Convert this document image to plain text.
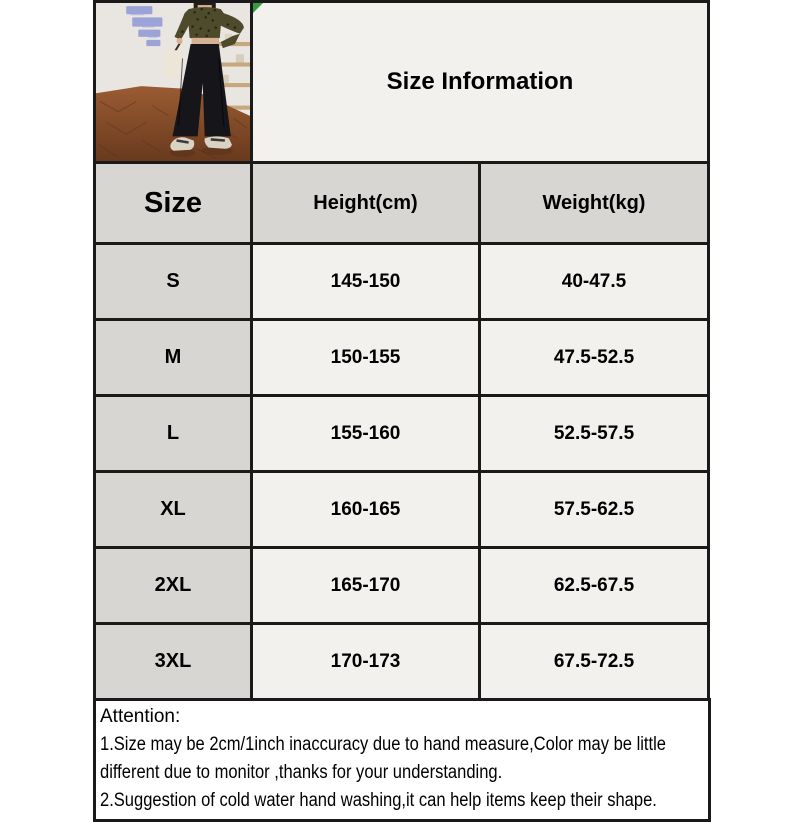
Size Information	
Size	Height(cm)	Weight(kg)
S	145-150	40-47.5
M	150-155	47.5-52.5
L	155-160	52.5-57.5
XL	160-165	57.5-62.5
2XL	165-170	62.5-67.5
3XL	170-173	67.5-72.5
Attention:
1.Size may be 2cm/1inch inaccuracy due to hand measure,Color may be little
different due to monitor ,thanks for your understanding.
2.Suggestion of cold water hand washing,it can help items keep their shape.
